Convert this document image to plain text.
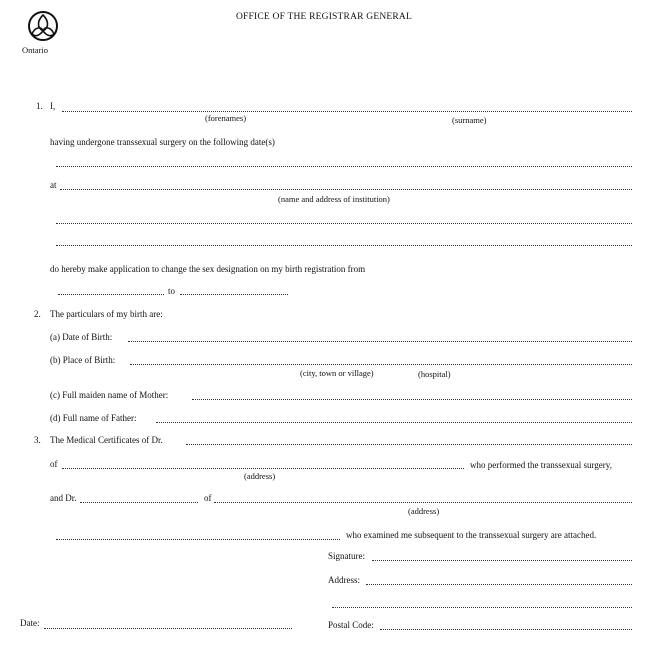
Ontario
OFFICE OF THE REGISTRAR GENERAL
1. I,
(forenames)	(surname)
having undergone transsexual surgery on the following date(s)
at
(name and address of institution)
do hereby make application to change the sex designation on my birth registration from
to
2. The particulars of my birth are:
(a) Date of Birth:
(b) Place of Birth:
(city, town or village)	(hospital)
(c) Full maiden name of Mother:
(d) Full name of Father:
3. The Medical Certificates of Dr.
of
(address)
who performed the transsexual surgery,
and Dr.	of
(address)
who examined me subsequent to the transsexual surgery are attached.
Signature:
Address:
Date:	Postal Code:
